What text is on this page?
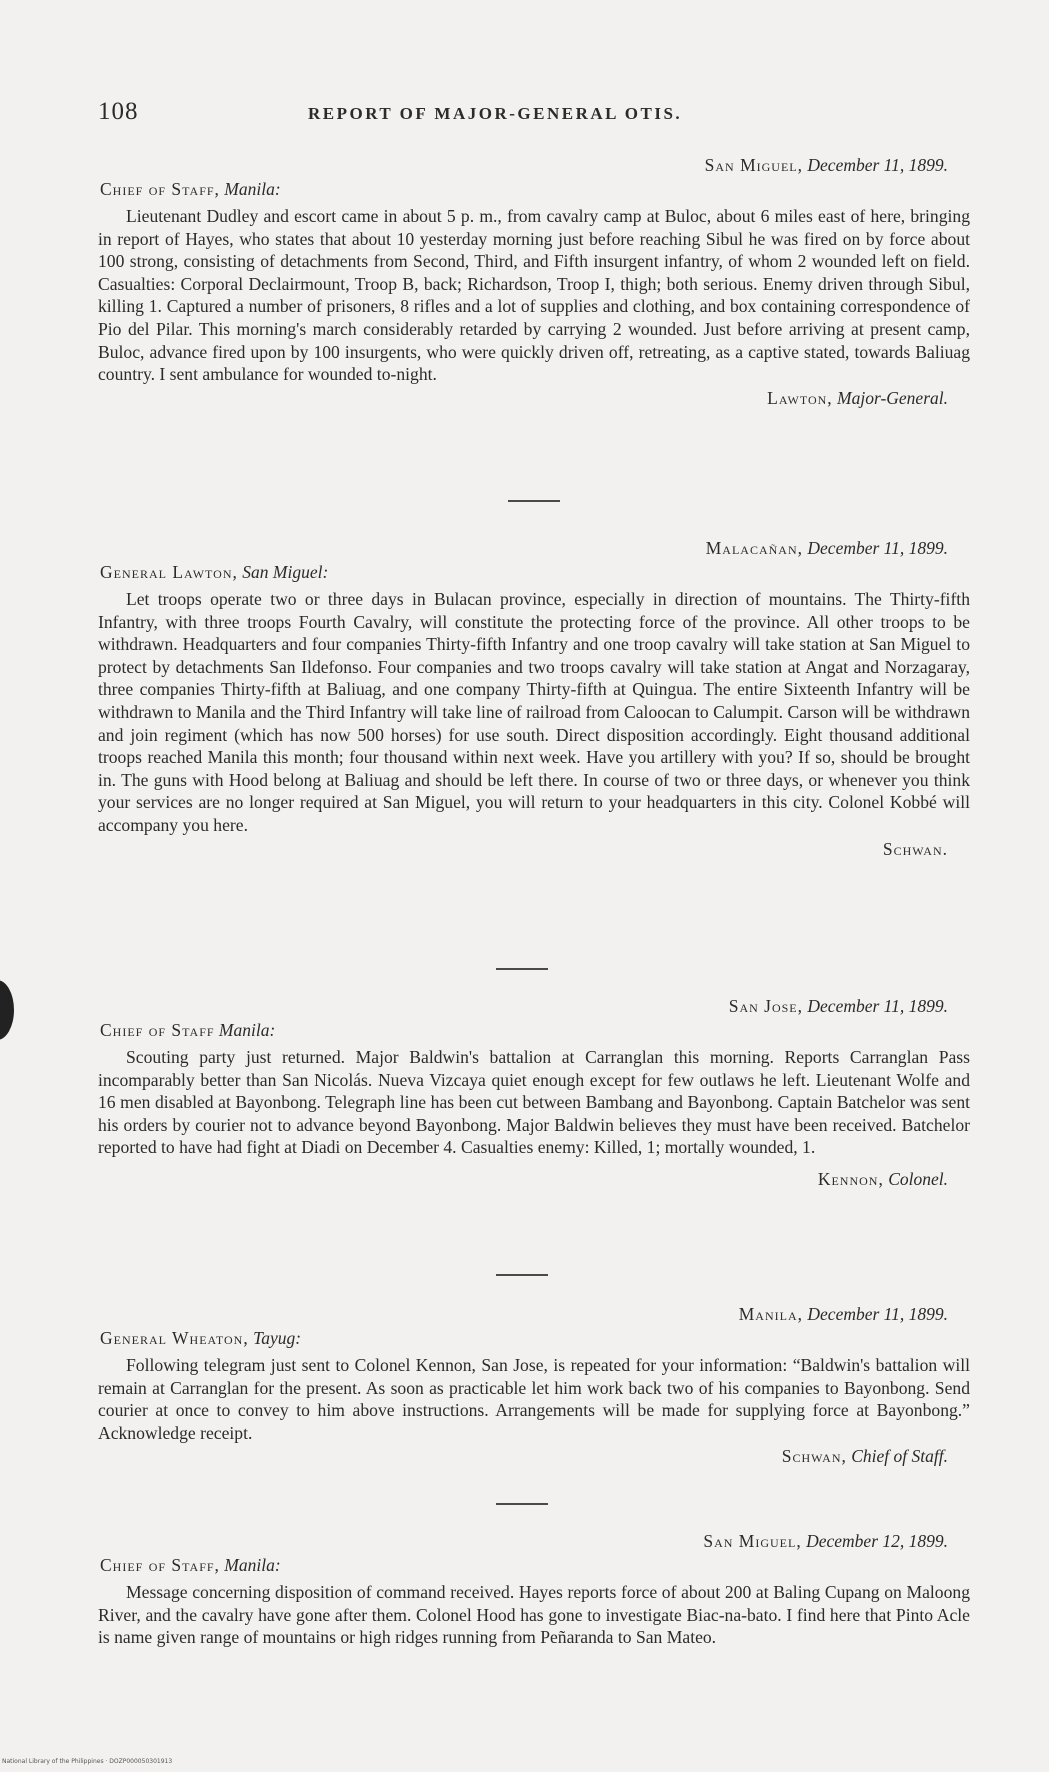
108	REPORT OF MAJOR-GENERAL OTIS.
San Miguel, December 11, 1899.
Chief of Staff, Manila:

Lieutenant Dudley and escort came in about 5 p. m., from cavalry camp at Buloc, about 6 miles east of here, bringing in report of Hayes, who states that about 10 yesterday morning just before reaching Sibul he was fired on by force about 100 strong, consisting of detachments from Second, Third, and Fifth insurgent infantry, of whom 2 wounded left on field. Casualties: Corporal Declairmount, Troop B, back; Richardson, Troop I, thigh; both serious. Enemy driven through Sibul, killing 1. Captured a number of prisoners, 8 rifles and a lot of supplies and clothing, and box containing correspondence of Pio del Pilar. This morning's march considerably retarded by carrying 2 wounded. Just before arriving at present camp, Buloc, advance fired upon by 100 insurgents, who were quickly driven off, retreating, as a captive stated, towards Baliuag country. I sent ambulance for wounded to-night.

Lawton, Major-General.
Malacañan, December 11, 1899.
General Lawton, San Miguel:

Let troops operate two or three days in Bulacan province, especially in direction of mountains. The Thirty-fifth Infantry, with three troops Fourth Cavalry, will constitute the protecting force of the province. All other troops to be withdrawn. Headquarters and four companies Thirty-fifth Infantry and one troop cavalry will take station at San Miguel to protect by detachments San Ildefonso. Four companies and two troops cavalry will take station at Angat and Norzagaray, three companies Thirty-fifth at Baliuag, and one company Thirty-fifth at Quingua. The entire Sixteenth Infantry will be withdrawn to Manila and the Third Infantry will take line of railroad from Caloocan to Calumpit. Carson will be withdrawn and join regiment (which has now 500 horses) for use south. Direct disposition accordingly. Eight thousand additional troops reached Manila this month; four thousand within next week. Have you artillery with you? If so, should be brought in. The guns with Hood belong at Baliuag and should be left there. In course of two or three days, or whenever you think your services are no longer required at San Miguel, you will return to your headquarters in this city. Colonel Kobbé will accompany you here.

Schwan.
San Jose, December 11, 1899.
Chief of Staff Manila:

Scouting party just returned. Major Baldwin's battalion at Carranglan this morning. Reports Carranglan Pass incomparably better than San Nicolás. Nueva Vizcaya quiet enough except for few outlaws he left. Lieutenant Wolfe and 16 men disabled at Bayonbong. Telegraph line has been cut between Bambang and Bayonbong. Captain Batchelor was sent his orders by courier not to advance beyond Bayonbong. Major Baldwin believes they must have been received. Batchelor reported to have had fight at Diadi on December 4. Casualties enemy: Killed, 1; mortally wounded, 1.

Kennon, Colonel.
Manila, December 11, 1899.
General Wheaton, Tayug:

Following telegram just sent to Colonel Kennon, San Jose, is repeated for your information: “Baldwin's battalion will remain at Carranglan for the present. As soon as practicable let him work back two of his companies to Bayonbong. Send courier at once to convey to him above instructions. Arrangements will be made for supplying force at Bayonbong.” Acknowledge receipt.

Schwan, Chief of Staff.
San Miguel, December 12, 1899.
Chief of Staff, Manila:

Message concerning disposition of command received. Hayes reports force of about 200 at Baling Cupang on Maloong River, and the cavalry have gone after them. Colonel Hood has gone to investigate Biac-na-bato. I find here that Pinto Acle is name given range of mountains or high ridges running from Peñaranda to San Mateo.

National Library of the Philippines · DOZP000050301913
